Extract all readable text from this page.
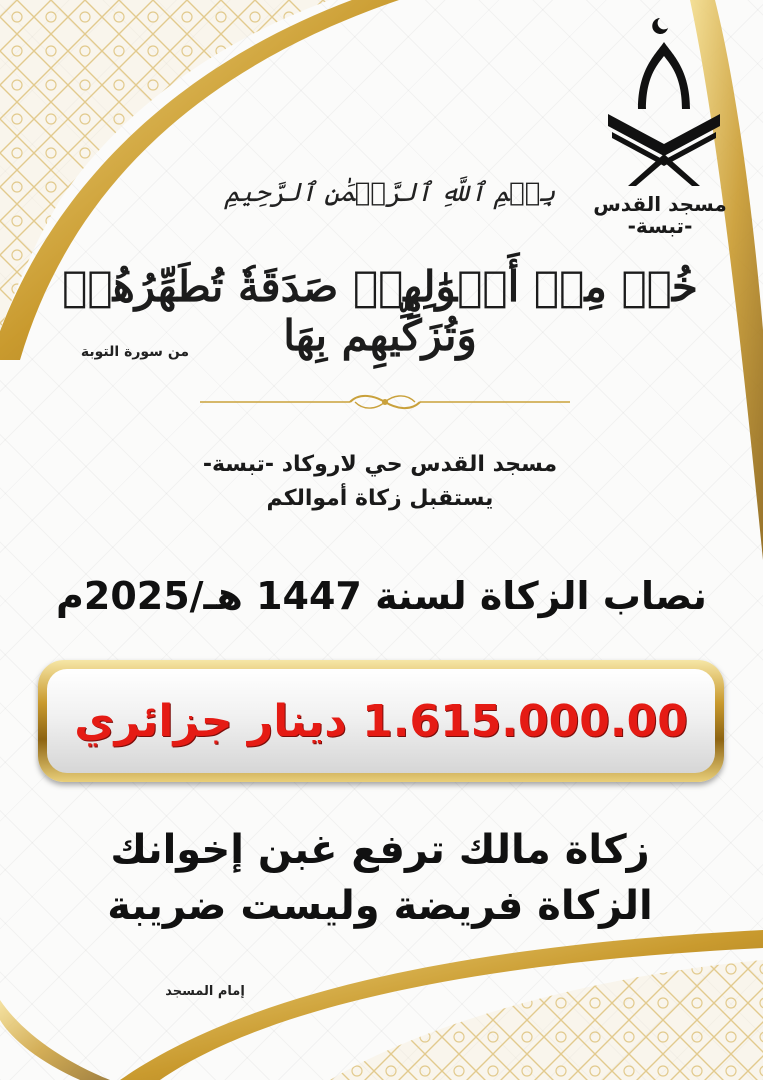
مسجد القدس
-تبسة-
بِسۡمِ ٱللَّهِ ٱلرَّحۡمَٰنِ ٱلرَّحِيمِ
خُذۡ مِنۡ أَمۡوَٰلِهِمۡ صَدَقَةٗ تُطَهِّرُهُمۡ وَتُزَكِّيهِم بِهَا
من سورة التوبة
مسجد القدس حي لاروكاد -تبسة-
يستقبل زكاة أموالكم
نصاب الزكاة لسنة 1447 هـ/2025م
1.615.000.00 دينار جزائري
زكاة مالك ترفع غبن إخوانك
الزكاة فريضة وليست ضريبة
إمام المسجد
